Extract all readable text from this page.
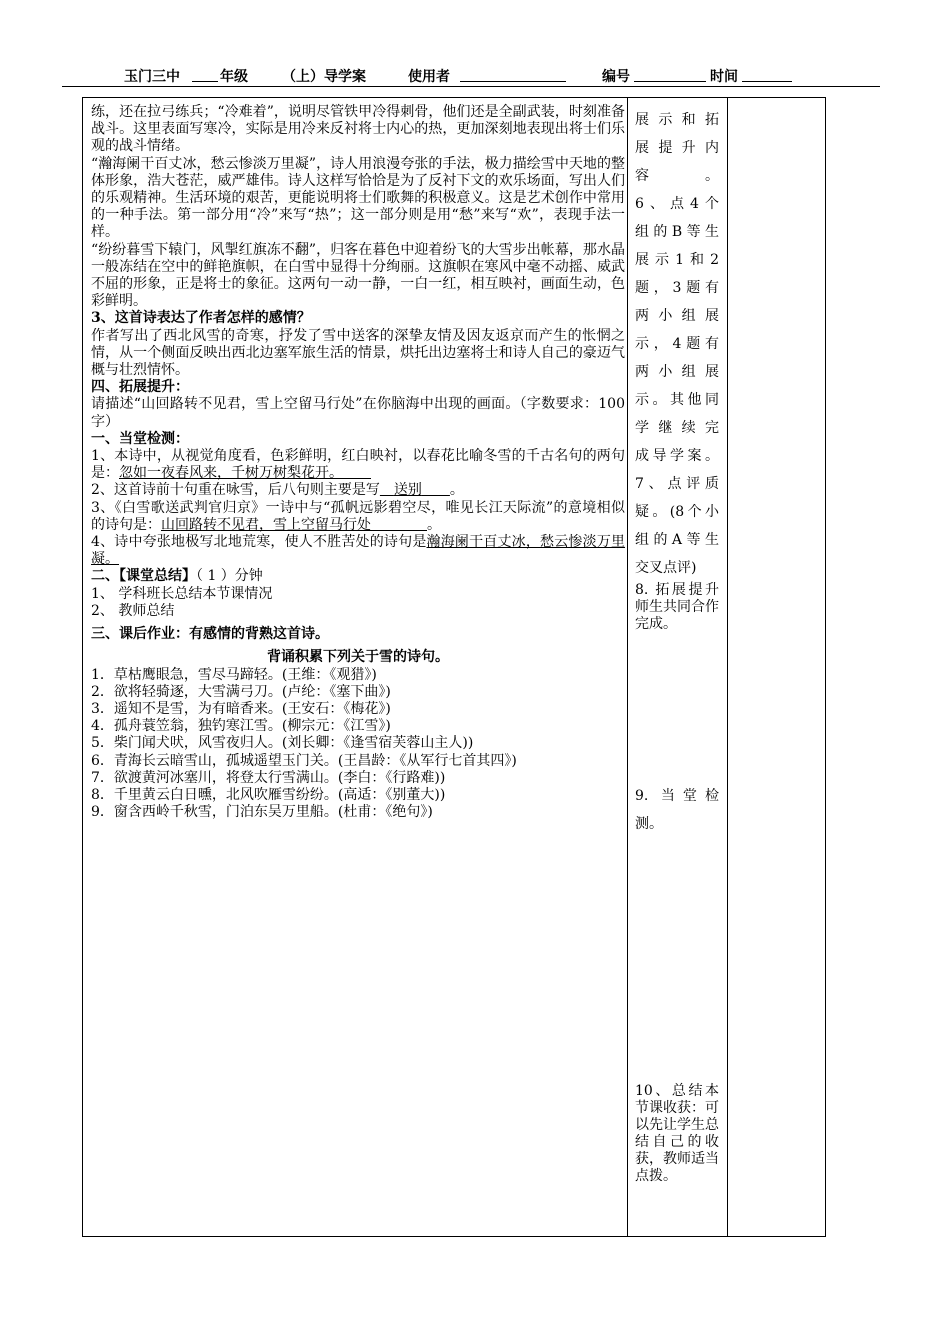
玉门三中	年级 （上）导学案	使用者	编号	时间

练，还在拉弓练兵；“冷难着”，说明尽管铁甲冷得刺骨，他们还是全副武装，时刻准备战斗。这里表面写寒冷，实际是用冷来反衬将士内心的热，更加深刻地表现出将士们乐观的战斗情绪。

“瀚海阑干百丈冰，愁云惨淡万里凝”，诗人用浪漫夸张的手法，极力描绘雪中天地的整体形象，浩大苍茫，威严雄伟。诗人这样写恰恰是为了反衬下文的欢乐场面，写出人们的乐观精神。生活环境的艰苦，更能说明将士们歌舞的积极意义。这是艺术创作中常用的一种手法。第一部分用“冷”来写“热”；这一部分则是用“愁”来写“欢”，表现手法一样。

“纷纷暮雪下辕门，风掣红旗冻不翻”，归客在暮色中迎着纷飞的大雪步出帐幕，那水晶一般冻结在空中的鲜艳旗帜，在白雪中显得十分绚丽。这旗帜在寒风中毫不动摇、威武不屈的形象，正是将士的象征。这两句一动一静，一白一红，相互映衬，画面生动，色彩鲜明。

3、这首诗表达了作者怎样的感情？

作者写出了西北风雪的奇寒，抒发了雪中送客的深挚友情及因友返京而产生的怅惘之情，从一个侧面反映出西北边塞军旅生活的情景，烘托出边塞将士和诗人自己的豪迈气概与壮烈情怀。

四、拓展提升：

请描述“山回路转不见君，雪上空留马行处”在你脑海中出现的画面。（字数要求：100字）

一、当堂检测：

1、本诗中，从视觉角度看，色彩鲜明，红白映衬，以春花比喻冬雪的千古名句的两句是：忽如一夜春风来，千树万树梨花开。  

2、这首诗前十句重在咏雪，后八句则主要是写  送别   。

3、《白雪歌送武判官归京》一诗中与“孤帆远影碧空尽，唯见长江天际流”的意境相似的诗句是：山回路转不见君，雪上空留马行处    	。

4、诗中夸张地极写北地荒寒，使人不胜苦处的诗句是瀚海阑干百丈冰，愁云惨淡万里凝。

二、【课堂总结】（ 1 ）分钟

1、 学科班长总结本节课情况

2、 教师总结

三、课后作业：有感情的背熟这首诗。

背诵积累下列关于雪的诗句。

1．草枯鹰眼急，雪尽马蹄轻。(王维：《观猎》)

2．欲将轻骑逐，大雪满弓刀。(卢纶：《塞下曲》)

3．遥知不是雪，为有暗香来。(王安石：《梅花》)

4．孤舟蓑笠翁，独钓寒江雪。(柳宗元：《江雪》)

5．柴门闻犬吠，风雪夜归人。(刘长卿：《逢雪宿芙蓉山主人))

6．青海长云暗雪山，孤城遥望玉门关。(王昌龄：《从军行七首其四》)

7．欲渡黄河冰塞川，将登太行雪满山。(李白：《行路难))

8．千里黄云白日曛，北风吹雁雪纷纷。(高适：《别董大))

9．窗含西岭千秋雪，门泊东吴万里船。(杜甫：《绝句》)

展示和拓

展提升内

容。

6、点4个

组的B等生

展示1和2

题，3题有

两小组展

示，4题有

两小组展

示。其他同

学继续完

成导学案。

7、点评质

疑。(8个小

组的A等生

交叉点评)

8. 拓展提升

师生共同合作完成。

9. 当堂检

测。

10、总结本节课收获：可以先让学生总结自己的收获，教师适当点拨。
